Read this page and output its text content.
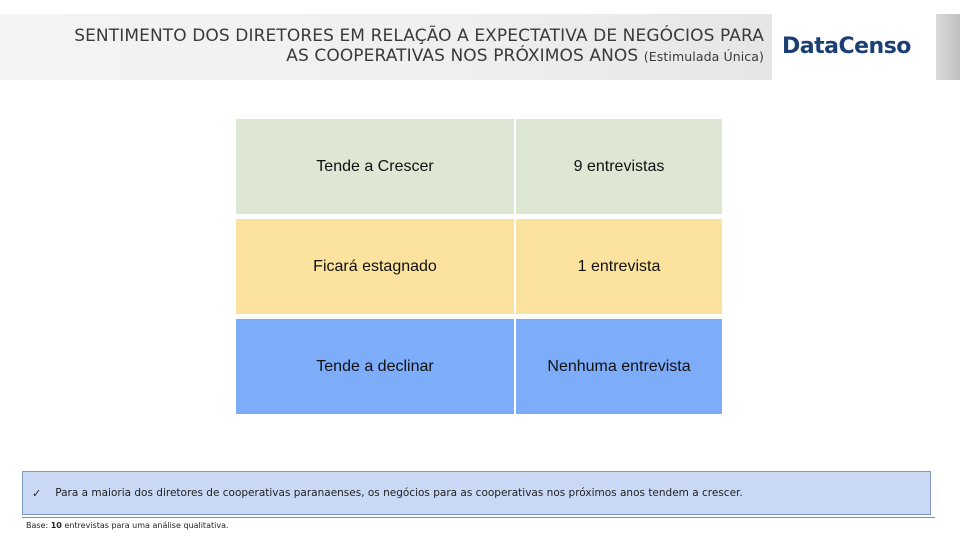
SENTIMENTO DOS DIRETORES EM RELAÇÃO A EXPECTATIVA DE NEGÓCIOS PARA
AS COOPERATIVAS NOS PRÓXIMOS ANOS (Estimulada Única) DataCenso
Tende a Crescer	9 entrevistas
Ficará estagnado	1 entrevista
Tende a declinar	Nenhuma entrevista
✓ Para a maioria dos diretores de cooperativas paranaenses, os negócios para as cooperativas nos próximos anos tendem a crescer.
Base: 10 entrevistas para uma análise qualitativa.
